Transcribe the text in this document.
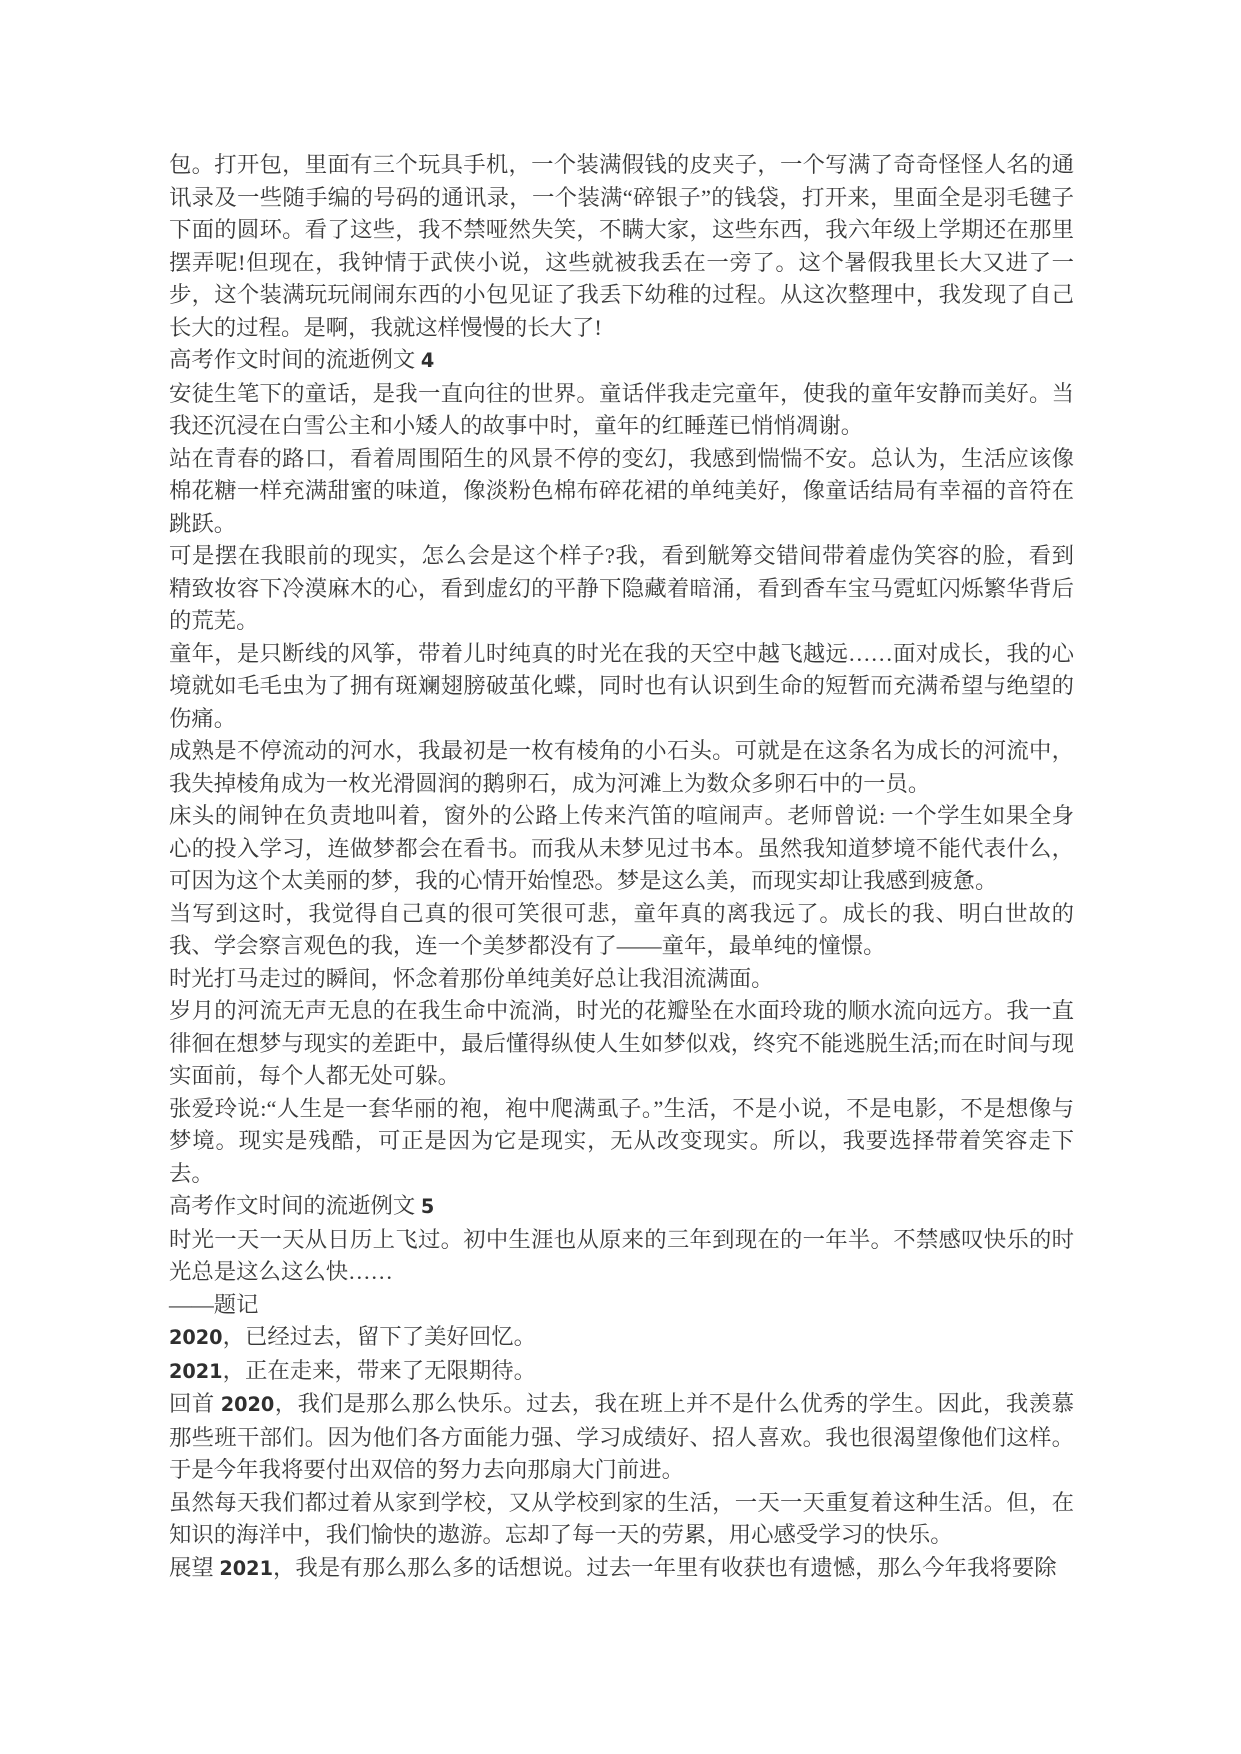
包。打开包，里面有三个玩具手机，一个装满假钱的皮夹子，一个写满了奇奇怪怪人名的通讯录及一些随手编的号码的通讯录，一个装满“碎银子”的钱袋，打开来，里面全是羽毛毽子下面的圆环。看了这些，我不禁哑然失笑，不瞒大家，这些东西，我六年级上学期还在那里摆弄呢!但现在，我钟情于武侠小说，这些就被我丢在一旁了。这个暑假我里长大又进了一步，这个装满玩玩闹闹东西的小包见证了我丢下幼稚的过程。从这次整理中，我发现了自己长大的过程。是啊，我就这样慢慢的长大了!

高考作文时间的流逝例文 4

安徒生笔下的童话，是我一直向往的世界。童话伴我走完童年，使我的童年安静而美好。当我还沉浸在白雪公主和小矮人的故事中时，童年的红睡莲已悄悄凋谢。

站在青春的路口，看着周围陌生的风景不停的变幻，我感到惴惴不安。总认为，生活应该像棉花糖一样充满甜蜜的味道，像淡粉色棉布碎花裙的单纯美好，像童话结局有幸福的音符在跳跃。

可是摆在我眼前的现实，怎么会是这个样子?我，看到觥筹交错间带着虚伪笑容的脸，看到精致妆容下冷漠麻木的心，看到虚幻的平静下隐藏着暗涌，看到香车宝马霓虹闪烁繁华背后的荒芜。

童年，是只断线的风筝，带着儿时纯真的时光在我的天空中越飞越远……面对成长，我的心境就如毛毛虫为了拥有斑斓翅膀破茧化蝶，同时也有认识到生命的短暂而充满希望与绝望的伤痛。

成熟是不停流动的河水，我最初是一枚有棱角的小石头。可就是在这条名为成长的河流中，我失掉棱角成为一枚光滑圆润的鹅卵石，成为河滩上为数众多卵石中的一员。

床头的闹钟在负责地叫着，窗外的公路上传来汽笛的喧闹声。老师曾说: 一个学生如果全身心的投入学习，连做梦都会在看书。而我从未梦见过书本。虽然我知道梦境不能代表什么，可因为这个太美丽的梦，我的心情开始惶恐。梦是这么美，而现实却让我感到疲惫。

当写到这时，我觉得自己真的很可笑很可悲，童年真的离我远了。成长的我、明白世故的我、学会察言观色的我，连一个美梦都没有了——童年，最单纯的憧憬。

时光打马走过的瞬间，怀念着那份单纯美好总让我泪流满面。

岁月的河流无声无息的在我生命中流淌，时光的花瓣坠在水面玲珑的顺水流向远方。我一直徘徊在想梦与现实的差距中，最后懂得纵使人生如梦似戏，终究不能逃脱生活;而在时间与现实面前，每个人都无处可躲。

张爱玲说:“人生是一套华丽的袍，袍中爬满虱子。”生活，不是小说，不是电影，不是想像与梦境。现实是残酷，可正是因为它是现实，无从改变现实。所以，我要选择带着笑容走下去。

高考作文时间的流逝例文 5

时光一天一天从日历上飞过。初中生涯也从原来的三年到现在的一年半。不禁感叹快乐的时光总是这么这么快……

——题记

2020，已经过去，留下了美好回忆。

2021，正在走来，带来了无限期待。

回首 2020，我们是那么那么快乐。过去，我在班上并不是什么优秀的学生。因此，我羡慕那些班干部们。因为他们各方面能力强、学习成绩好、招人喜欢。我也很渴望像他们这样。于是今年我将要付出双倍的努力去向那扇大门前进。

虽然每天我们都过着从家到学校，又从学校到家的生活，一天一天重复着这种生活。但，在知识的海洋中，我们愉快的遨游。忘却了每一天的劳累，用心感受学习的快乐。

展望 2021，我是有那么那么多的话想说。过去一年里有收获也有遗憾，那么今年我将要除
